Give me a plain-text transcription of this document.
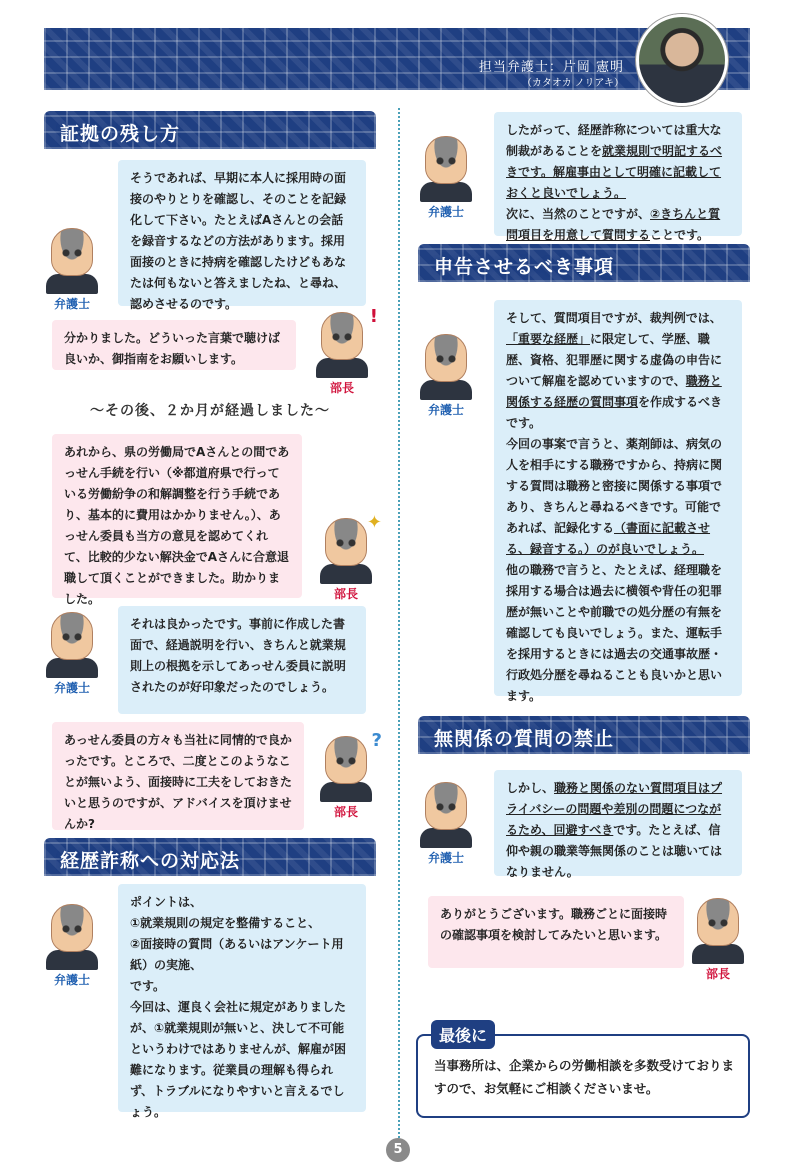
担当弁護士：片岡 憲明
（カタオカ ノリアキ）
証拠の残し方

そうであれば、早期に本人に採用時の面接のやりとりを確認し、そのことを記録化して下さい。たとえばAさんとの会話を録音するなどの方法があります。採用面接のときに持病を確認したけどもあなたは何もないと答えましたね、と尋ね、認めさせるのです。

弁護士

分かりました。どういった言葉で聴けば良いか、御指南をお願いします。

!
部長
〜その後、２か月が経過しました〜

あれから、県の労働局でAさんとの間であっせん手続を行い（※都道府県で行っている労働紛争の和解調整を行う手続であり、基本的に費用はかかりません。）、あっせん委員も当方の意見を認めてくれて、比較的少ない解決金でAさんに合意退職して頂くことができました。助かりました。

✦
部長

それは良かったです。事前に作成した書面で、経過説明を行い、きちんと就業規則上の根拠を示してあっせん委員に説明されたのが好印象だったのでしょう。

弁護士

あっせん委員の方々も当社に同情的で良かったです。ところで、二度とこのようなことが無いよう、面接時に工夫をしておきたいと思うのですが、アドバイスを頂けませんか?

?
部長
経歴詐称への対応法

ポイントは、

①就業規則の規定を整備すること、

②面接時の質問（あるいはアンケート用紙）の実施、

です。

今回は、運良く会社に規定がありましたが、①就業規則が無いと、決して不可能というわけではありませんが、解雇が困難になります。従業員の理解も得られず、トラブルになりやすいと言えるでしょう。

弁護士

したがって、経歴詐称については重大な制裁があることを就業規則で明記するべきです。解雇事由として明確に記載しておくと良いでしょう。

次に、当然のことですが、②きちんと質問項目を用意して質問することです。

弁護士
申告させるべき事項

そして、質問項目ですが、裁判例では、「重要な経歴」に限定して、学歴、職歴、資格、犯罪歴に関する虚偽の申告について解雇を認めていますので、職務と関係する経歴の質問事項を作成するべきです。

今回の事案で言うと、薬剤師は、病気の人を相手にする職務ですから、持病に関する質問は職務と密接に関係する事項であり、きちんと尋ねるべきです。可能であれば、記録化する（書面に記載させる、録音する。）のが良いでしょう。

他の職務で言うと、たとえば、経理職を採用する場合は過去に横領や背任の犯罪歴が無いことや前職での処分歴の有無を確認しても良いでしょう。また、運転手を採用するときには過去の交通事故歴・行政処分歴を尋ねることも良いかと思います。

弁護士
無関係の質問の禁止

しかし、職務と関係のない質問項目はプライバシーの問題や差別の問題につながるため、回避すべきです。たとえば、信仰や親の職業等無関係のことは聴いてはなりません。

弁護士

ありがとうございます。職務ごとに面接時の確認事項を検討してみたいと思います。

部長
最後に
当事務所は、企業からの労働相談を多数受けておりますので、お気軽にご相談くださいませ。
5
